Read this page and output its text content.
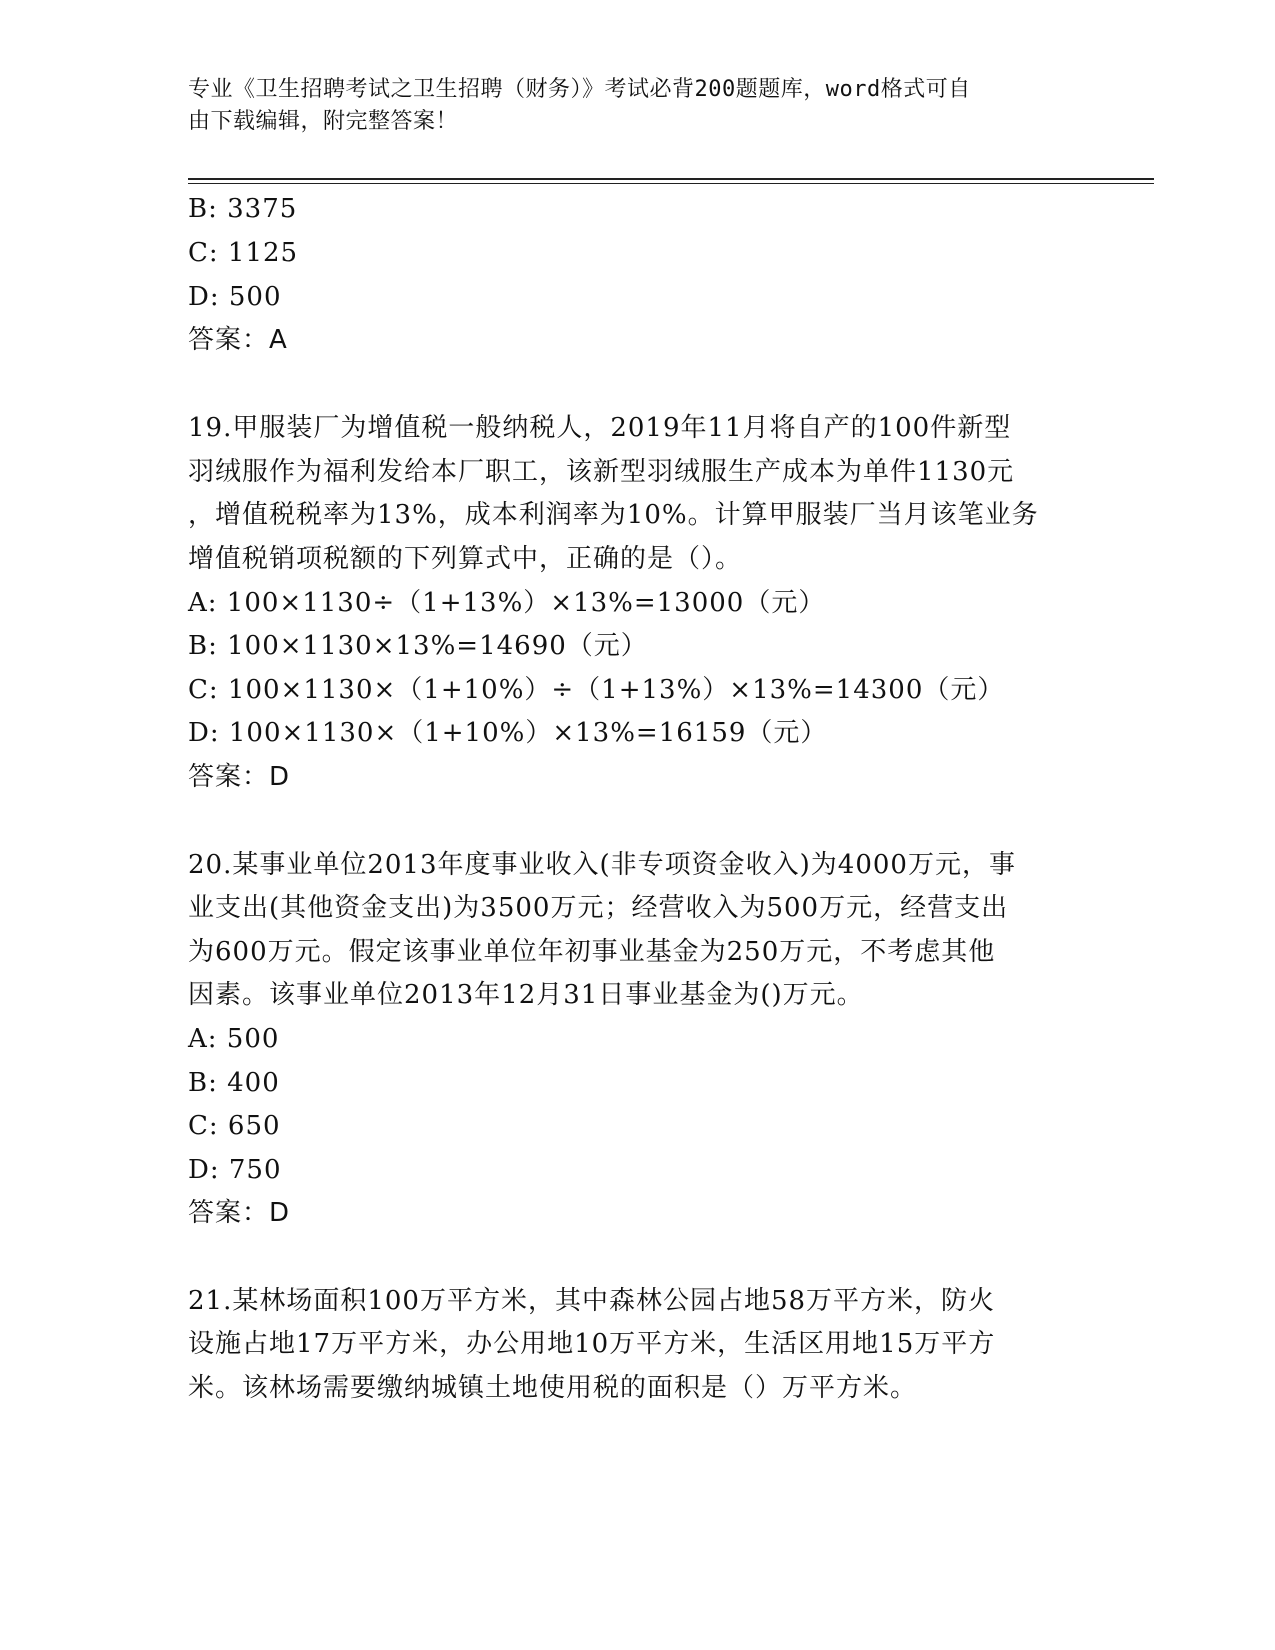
专业《卫生招聘考试之卫生招聘（财务）》考试必背200题题库，word格式可自
由下载编辑，附完整答案！
B: 3375
C: 1125
D: 500
答案：A
19.甲服装厂为增值税一般纳税人，2019年11月将自产的100件新型
羽绒服作为福利发给本厂职工，该新型羽绒服生产成本为单件1130元
，增值税税率为13%，成本利润率为10%。计算甲服装厂当月该笔业务
增值税销项税额的下列算式中，正确的是（）。
A: 100×1130÷（1+13%）×13%=13000（元）
B: 100×1130×13%=14690（元）
C: 100×1130×（1+10%）÷（1+13%）×13%=14300（元）
D: 100×1130×（1+10%）×13%=16159（元）
答案：D
20.某事业单位2013年度事业收入(非专项资金收入)为4000万元，事
业支出(其他资金支出)为3500万元；经营收入为500万元，经营支出
为600万元。假定该事业单位年初事业基金为250万元，不考虑其他
因素。该事业单位2013年12月31日事业基金为()万元。
A: 500
B: 400
C: 650
D: 750
答案：D
21.某林场面积100万平方米，其中森林公园占地58万平方米，防火
设施占地17万平方米，办公用地10万平方米，生活区用地15万平方
米。该林场需要缴纳城镇土地使用税的面积是（）万平方米。
